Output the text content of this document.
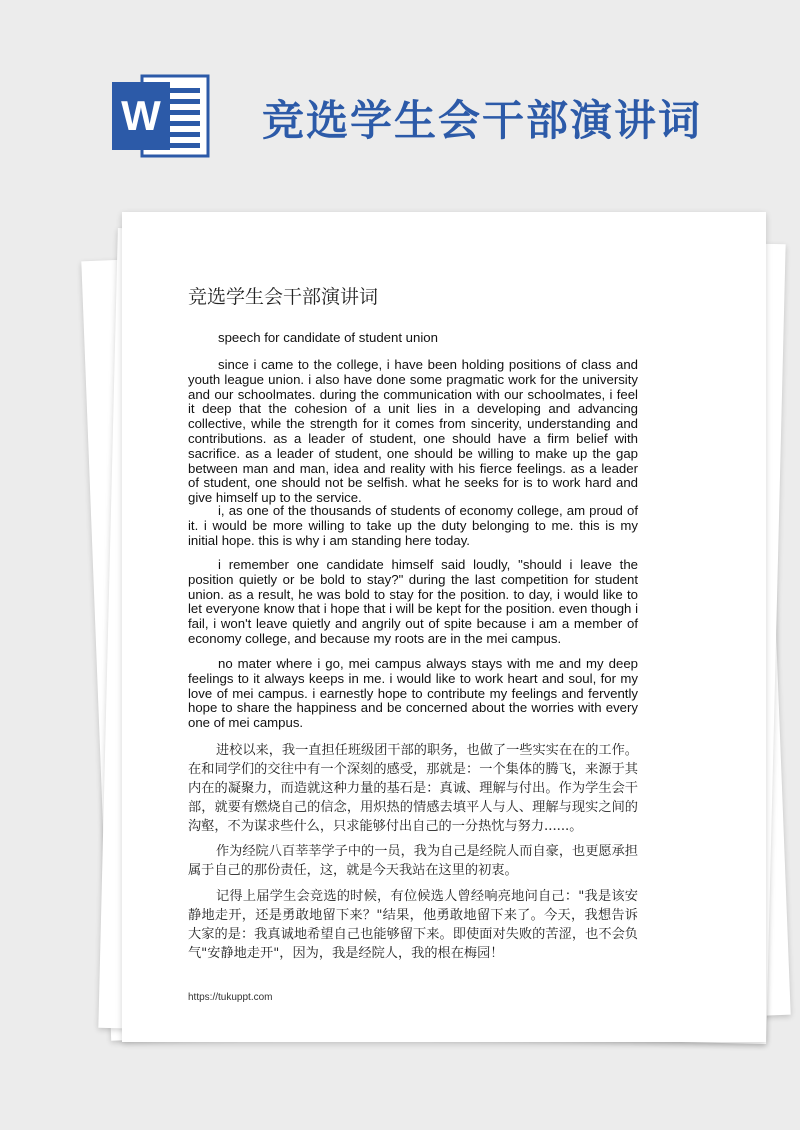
W 竞选学生会干部演讲词
竞选学生会干部演讲词
speech for candidate of student union

since i came to the college, i have been holding positions of class and youth league union. i also have done some pragmatic work for the university and our schoolmates. during the communication with our schoolmates, i feel it deep that the cohesion of a unit lies in a developing and advancing collective, while the strength for it comes from sincerity, understanding and contributions. as a leader of student, one should have a firm belief with sacrifice. as a leader of student, one should be willing to make up the gap between man and man, idea and reality with his fierce feelings. as a leader of student, one should not be selfish. what he seeks for is to work hard and give himself up to the service.

i, as one of the thousands of students of economy college, am proud of it. i would be more willing to take up the duty belonging to me. this is my initial hope. this is why i am standing here today.

i remember one candidate himself said loudly, "should i leave the position quietly or be bold to stay?" during the last competition for student union. as a result, he was bold to stay for the position. to day, i would like to let everyone know that i hope that i will be kept for the position. even though i fail, i won't leave quietly and angrily out of spite because i am a member of economy college, and because my roots are in the mei campus.

no mater where i go, mei campus always stays with me and my deep feelings to it always keeps in me. i would like to work heart and soul, for my love of mei campus. i earnestly hope to contribute my feelings and fervently hope to share the happiness and be concerned about the worries with every one of mei campus.

进校以来，我一直担任班级团干部的职务，也做了一些实实在在的工作。在和同学们的交往中有一个深刻的感受，那就是：一个集体的腾飞，来源于其内在的凝聚力，而造就这种力量的基石是：真诚、理解与付出。作为学生会干部，就要有燃烧自己的信念，用炽热的情感去填平人与人、理解与现实之间的沟壑，不为谋求些什么，只求能够付出自己的一分热忱与努力......。

作为经院八百莘莘学子中的一员，我为自己是经院人而自豪，也更愿承担属于自己的那份责任，这，就是今天我站在这里的初衷。

记得上届学生会竞选的时候，有位候选人曾经响亮地问自己："我是该安静地走开，还是勇敢地留下来？"结果，他勇敢地留下来了。今天，我想告诉大家的是：我真诚地希望自己也能够留下来。即使面对失败的苦涩，也不会负气"安静地走开"，因为，我是经院人，我的根在梅园！

https://tukuppt.com
